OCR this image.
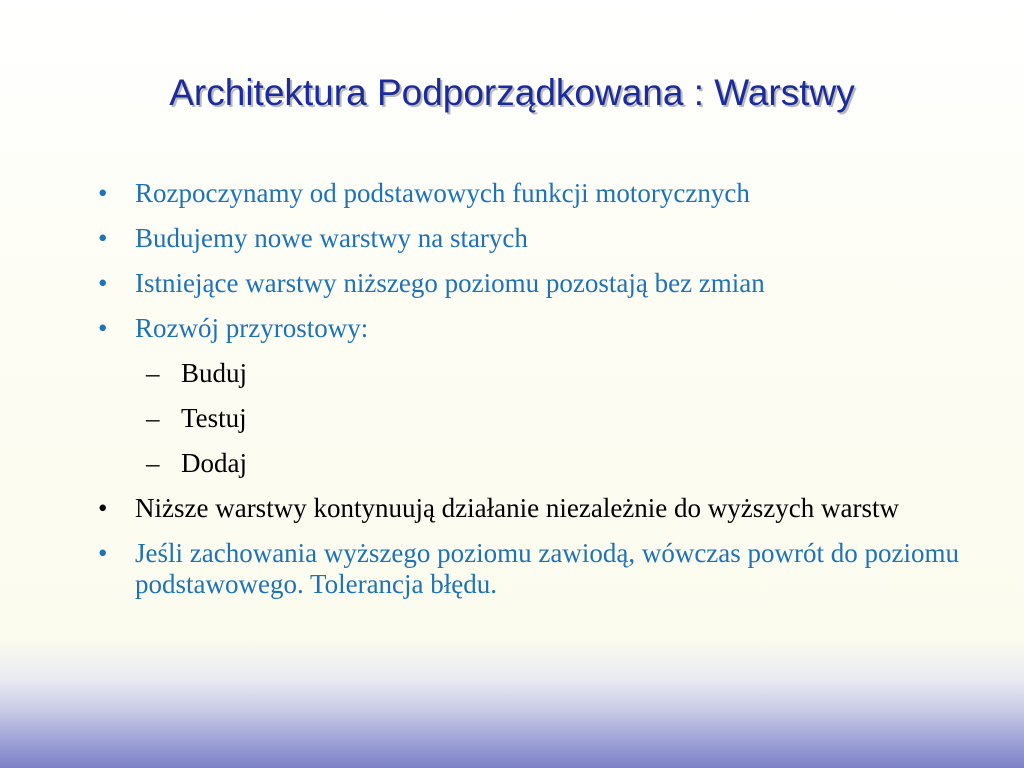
Architektura Podporządkowana : Warstwy
• Rozpoczynamy od podstawowych funkcji motorycznych
• Budujemy nowe warstwy na starych
• Istniejące warstwy niższego poziomu pozostają bez zmian
• Rozwój przyrostowy:
– Buduj
– Testuj
– Dodaj
• Niższe warstwy kontynuują działanie niezależnie do wyższych warstw
• Jeśli zachowania wyższego poziomu zawiodą, wówczas powrót do poziomu podstawowego. Tolerancja błędu.
